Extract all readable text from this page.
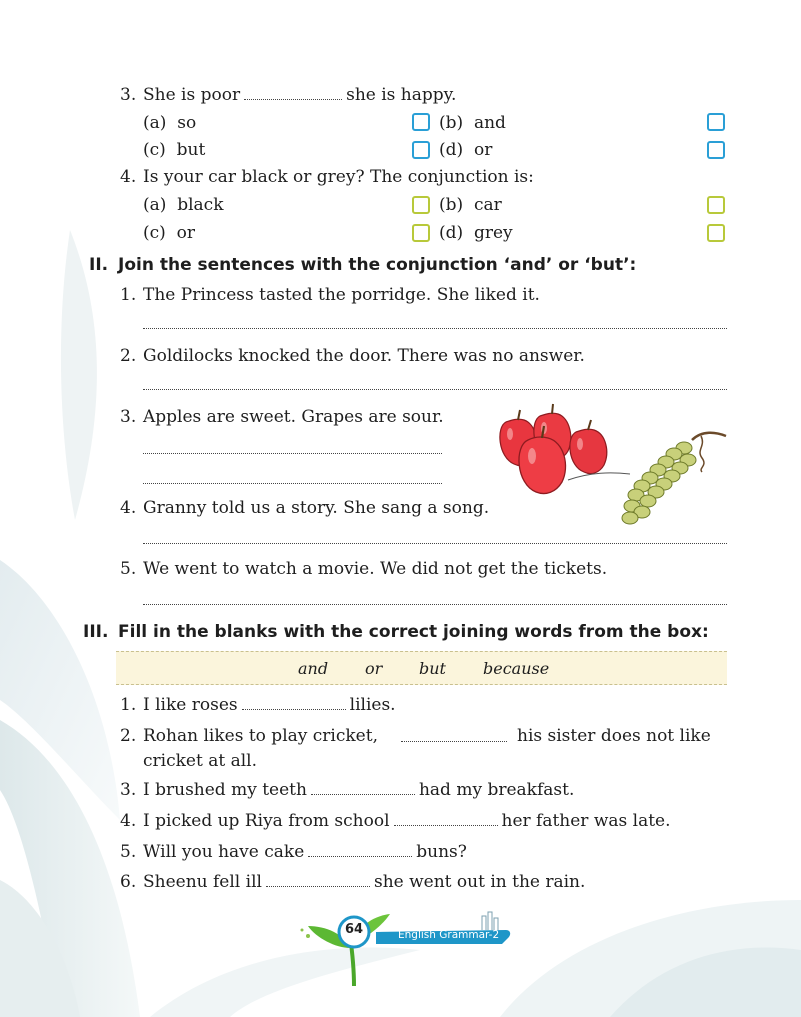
3. She is poor	she is happy.
(a) so	(b) and
(c) but	(d) or
4. Is your car black or grey? The conjunction is:
(a) black	(b) car
(c) or	(d) grey
II. Join the sentences with the conjunction ‘and’ or ‘but’:
1. The Princess tasted the porridge. She liked it.
2. Goldilocks knocked the door. There was no answer.
3. Apples are sweet. Grapes are sour.
4. Granny told us a story. She sang a song.
5. We went to watch a movie. We did not get the tickets.
III. Fill in the blanks with the correct joining words from the box:
and or but because
1. I like roses	lilies.
2. Rohan likes to play cricket,	his sister does not like
cricket at all.
3. I brushed my teeth	had my breakfast.
4. I picked up Riya from school	her father was late.
5. Will you have cake	buns?
6. Sheenu fell ill	she went out in the rain.
64	English Grammar-2
